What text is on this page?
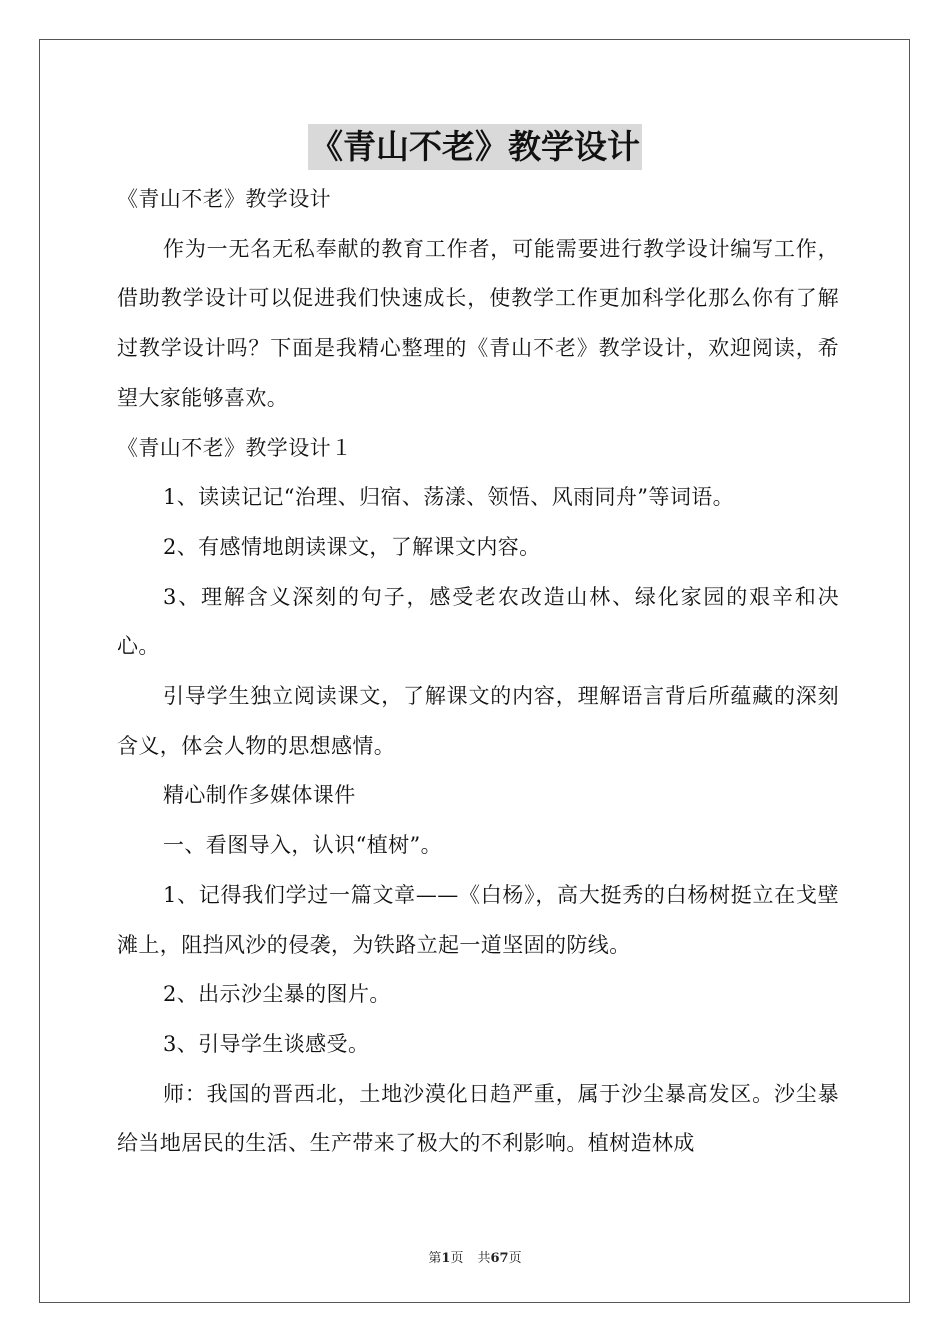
《青山不老》教学设计

《青山不老》教学设计

作为一无名无私奉献的教育工作者，可能需要进行教学设计编写工作，借助教学设计可以促进我们快速成长，使教学工作更加科学化那么你有了解过教学设计吗？下面是我精心整理的《青山不老》教学设计，欢迎阅读，希望大家能够喜欢。

《青山不老》教学设计１

1、读读记记“治理、归宿、荡漾、领悟、风雨同舟”等词语。

2、有感情地朗读课文，了解课文内容。

3、理解含义深刻的句子，感受老农改造山林、绿化家园的艰辛和决心。

引导学生独立阅读课文，了解课文的内容，理解语言背后所蕴藏的深刻含义，体会人物的思想感情。

精心制作多媒体课件

一、看图导入，认识“植树”。

1、记得我们学过一篇文章——《白杨》，高大挺秀的白杨树挺立在戈壁滩上，阻挡风沙的侵袭，为铁路立起一道坚固的防线。

2、出示沙尘暴的图片。

3、引导学生谈感受。

师：我国的晋西北，土地沙漠化日趋严重，属于沙尘暴高发区。沙尘暴给当地居民的生活、生产带来了极大的不利影响。植树造林成

第1页 共67页
